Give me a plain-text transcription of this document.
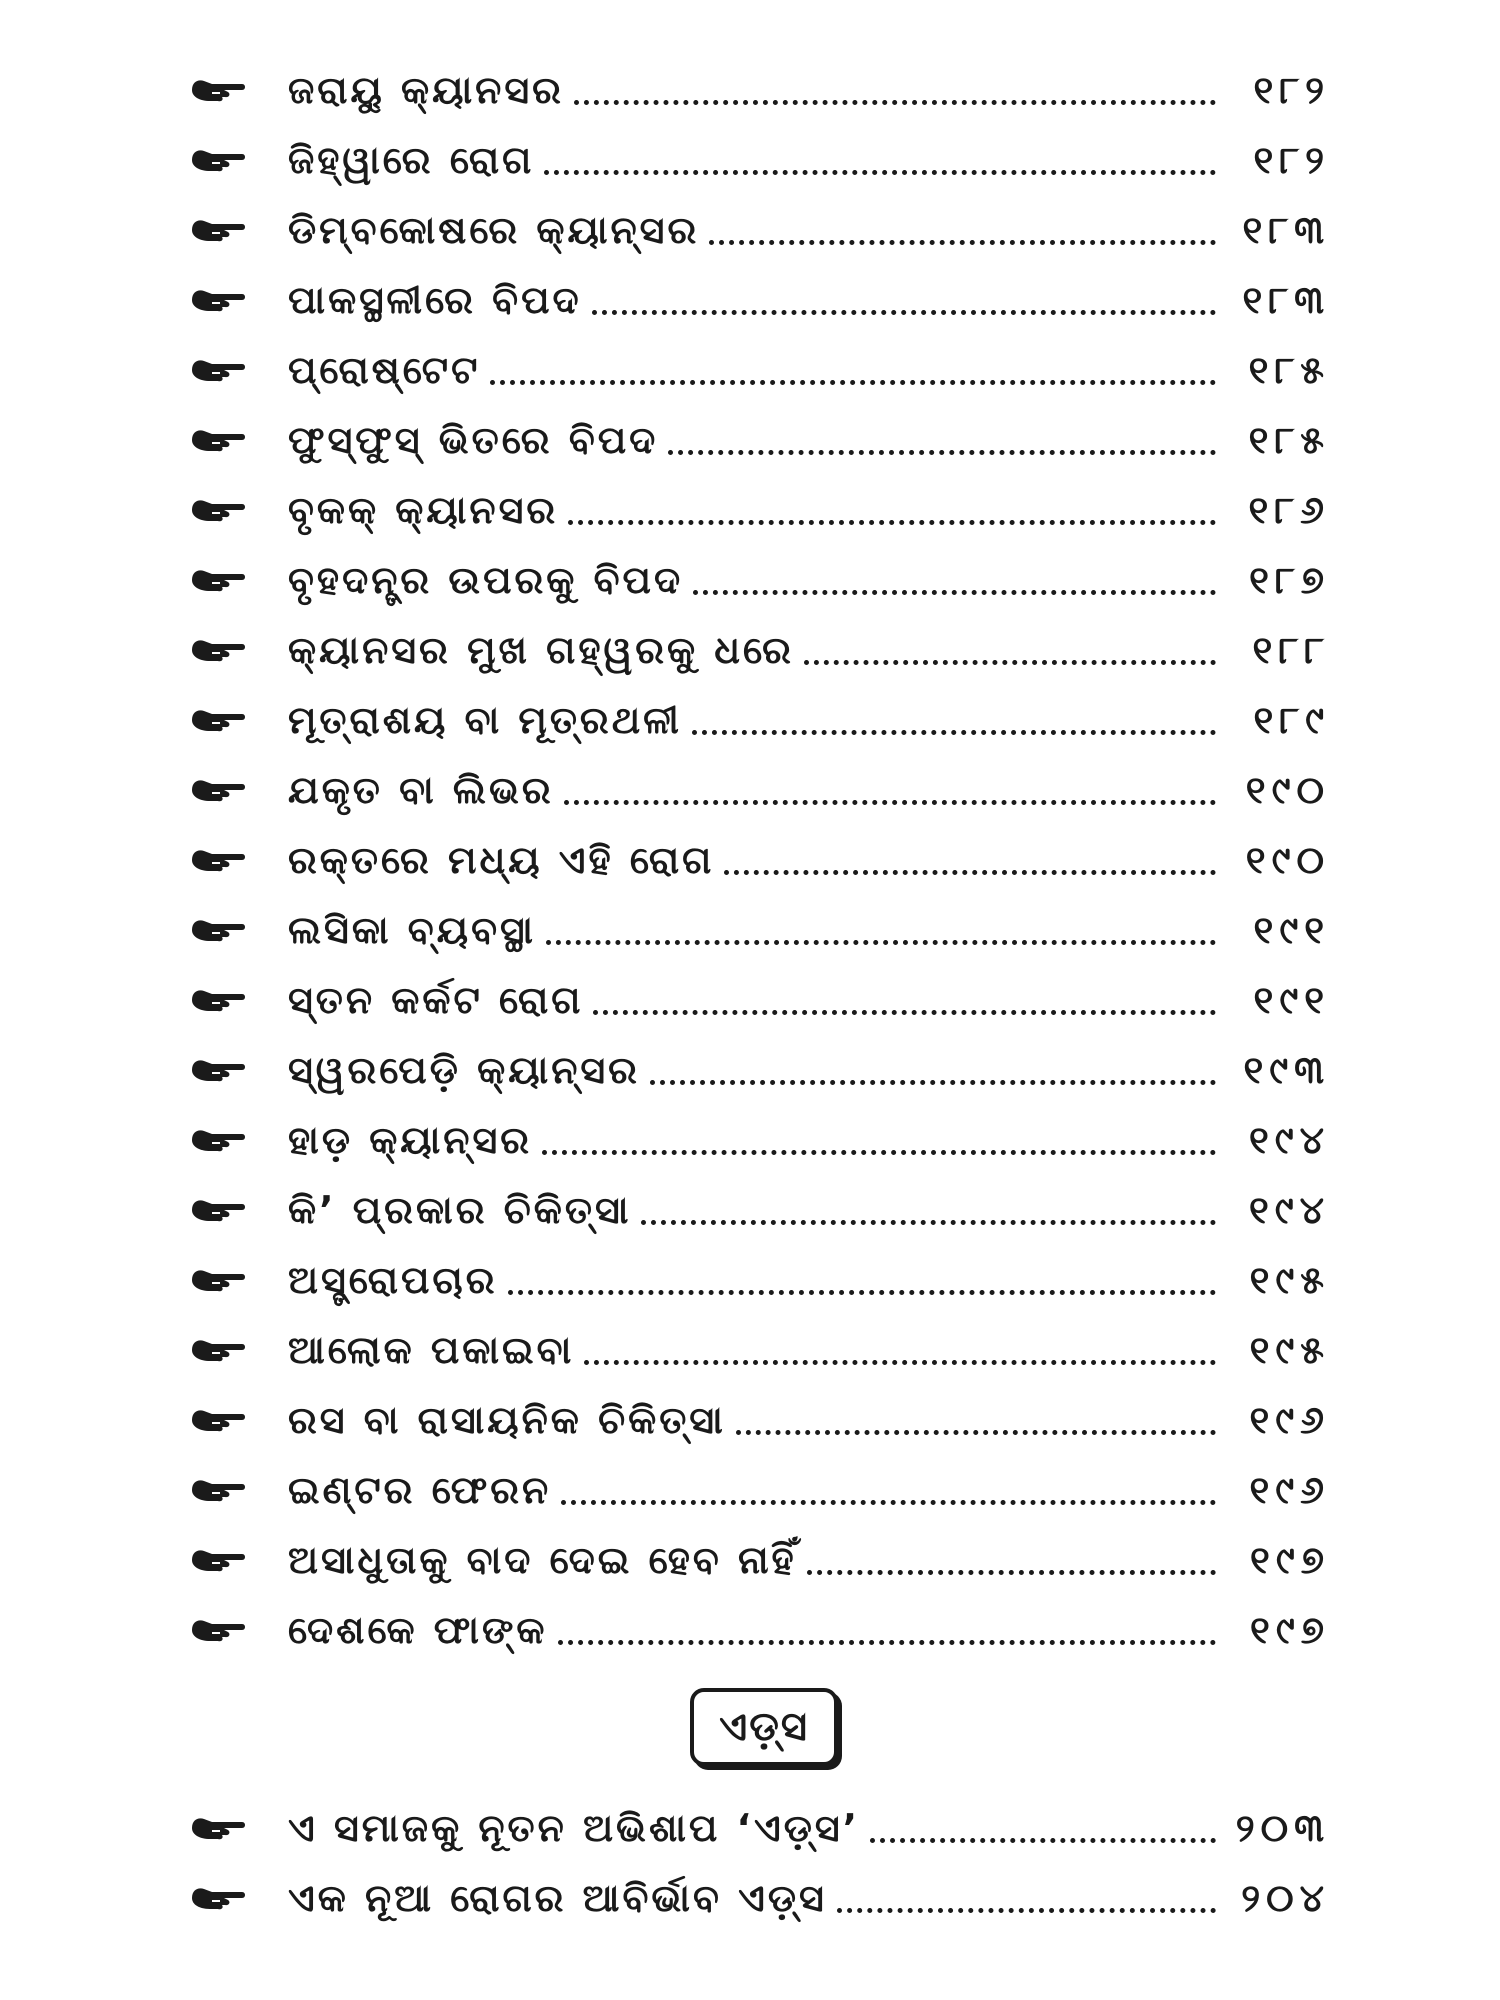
ଜରାୟୁ କ୍ୟାନସର	୧୮୨
ଜିହ୍ୱାରେ ରୋଗ	୧୮୨
ଡିମ୍ବକୋଷରେ କ୍ୟାନ୍‌ସର	୧୮୩
ପାକସ୍ଥଳୀରେ ବିପଦ	୧୮୩
ପ୍ରୋଷ୍ଟେଟ	୧୮୫
ଫୁସ୍‌ଫୁସ୍ ଭିତରେ ବିପଦ	୧୮୫
ବୃକକ୍ କ୍ୟାନସର	୧୮୬
ବୃହଦନ୍ତ୍ର ଉପରକୁ ବିପଦ	୧୮୭
କ୍ୟାନସର ମୁଖ ଗହ୍ୱରକୁ ଧରେ	୧୮୮
ମୂତ୍ରାଶୟ ବା ମୂତ୍ରଥଳୀ	୧୮୯
ଯକୃତ ବା ଲିଭର	୧୯୦
ରକ୍ତରେ ମଧ୍ୟ ଏହି ରୋଗ	୧୯୦
ଲସିକା ବ୍ୟବସ୍ଥା	୧୯୧
ସ୍ତନ କର୍କଟ ରୋଗ	୧୯୧
ସ୍ୱରପେଡ଼ି କ୍ୟାନ୍‌ସର	୧୯୩
ହାଡ଼ କ୍ୟାନ୍‌ସର	୧୯୪
କି’ ପ୍ରକାର ଚିକିତ୍ସା	୧୯୪
ଅସ୍ତ୍ରୋପଚାର	୧୯୫
ଆଲୋକ ପକାଇବା	୧୯୫
ରସ ବା ରାସାୟନିକ ଚିକିତ୍ସା	୧୯୬
ଇଣ୍ଟର ଫେରନ	୧୯୬
ଅସାଧୁତାକୁ ବାଦ ଦେଇ ହେବ ନାହିଁ	୧୯୭
ଦେଶକେ ଫାଙ୍କ	୧୯୭
ଏଡ଼୍‌ସ
ଏ ସମାଜକୁ ନୂତନ ଅଭିଶାପ ‘ଏଡ଼୍‌ସ’	୨୦୩
ଏକ ନୂଆ ରୋଗର ଆବିର୍ଭାବ ଏଡ଼୍‌ସ	୨୦୪
